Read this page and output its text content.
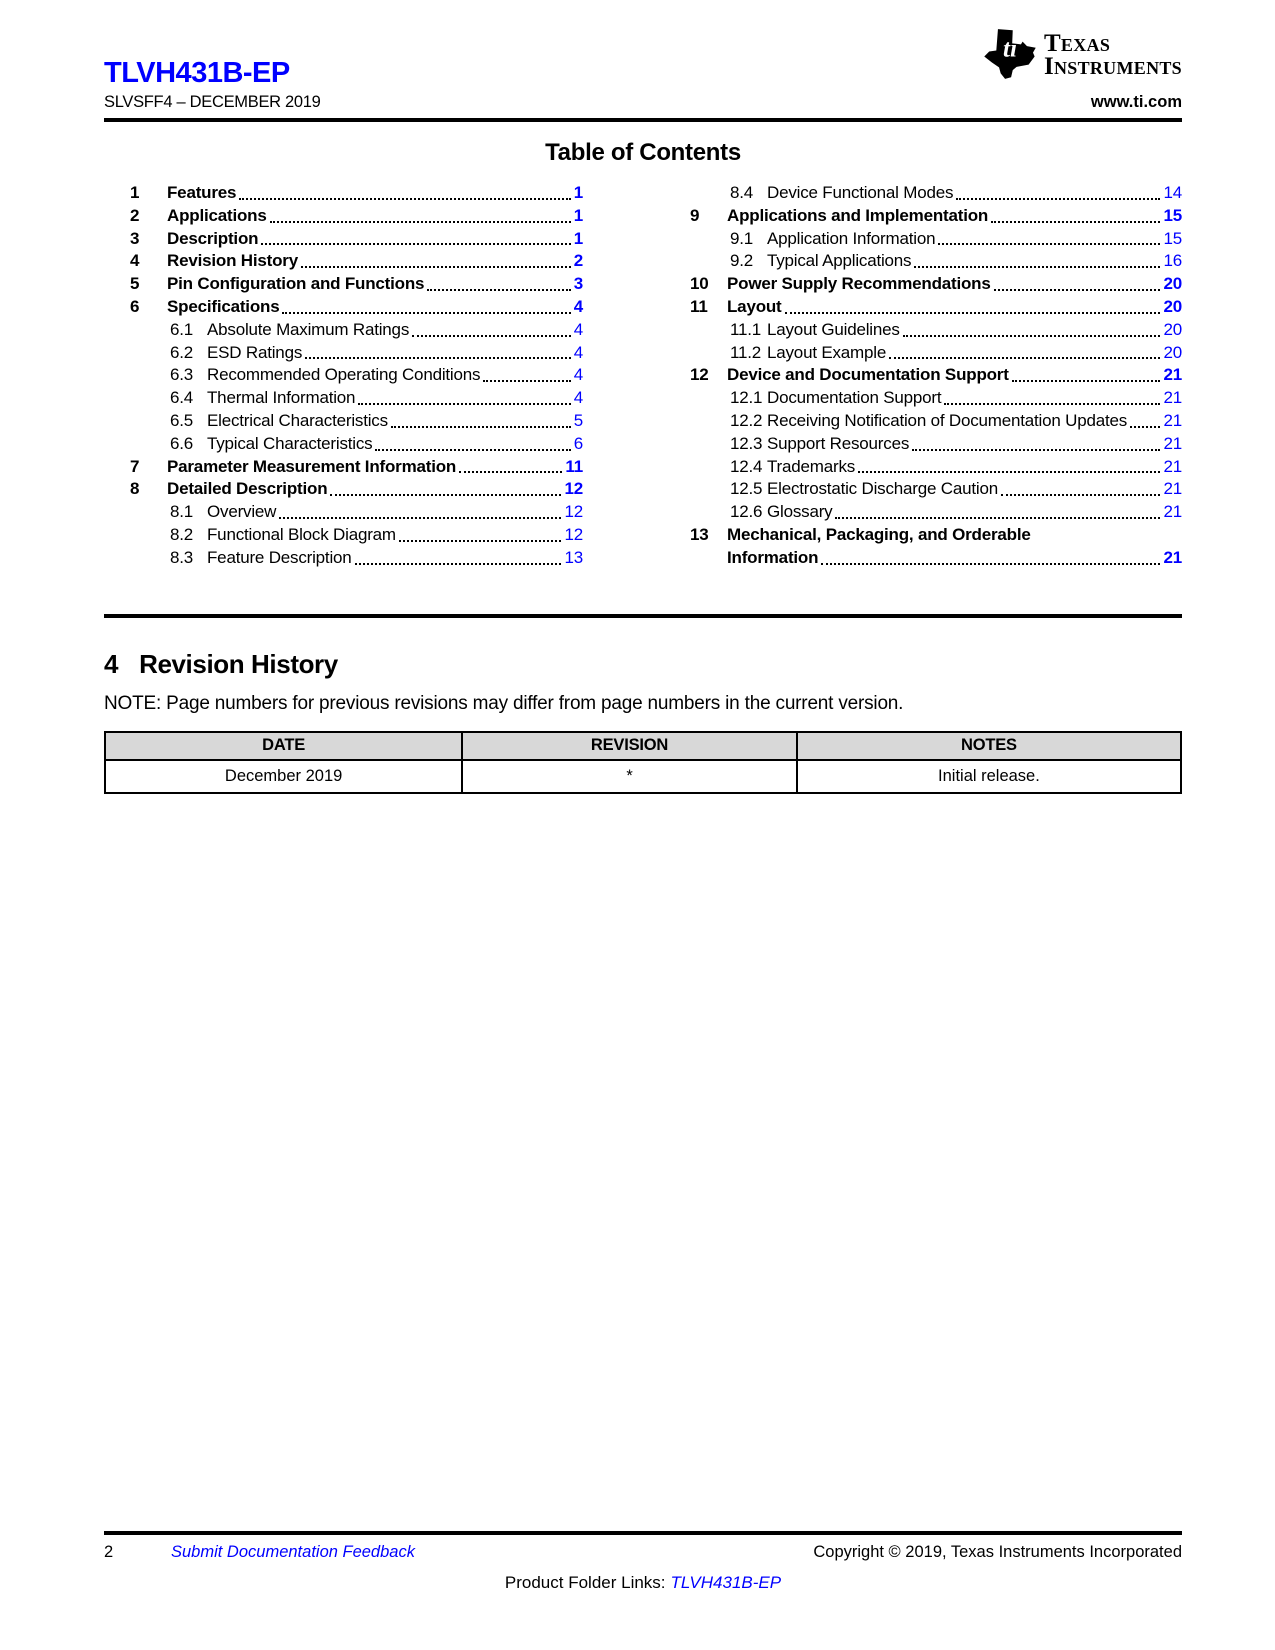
TLVH431B-EP
SLVSFF4 – DECEMBER 2019
ti Texas
Instruments
www.ti.com
Table of Contents
1	Features	1
2	Applications	1
3	Description	1
4	Revision History	2
5	Pin Configuration and Functions	3
6	Specifications	4
6.1 Absolute Maximum Ratings	4
6.2 ESD Ratings	4
6.3 Recommended Operating Conditions	4
6.4 Thermal Information	4
6.5 Electrical Characteristics	5
6.6 Typical Characteristics	6
7	Parameter Measurement Information	11
8	Detailed Description	12
8.1 Overview	12
8.2 Functional Block Diagram	12
8.3 Feature Description	13
8.4 Device Functional Modes	14
9	Applications and Implementation	15
9.1 Application Information	15
9.2 Typical Applications	16
10	Power Supply Recommendations	20
11	Layout	20
11.1 Layout Guidelines	20
11.2 Layout Example	20
12	Device and Documentation Support	21
12.1 Documentation Support	21
12.2 Receiving Notification of Documentation Updates 21
12.3 Support Resources	21
12.4 Trademarks	21
12.5 Electrostatic Discharge Caution	21
12.6 Glossary	21
13	Mechanical, Packaging, and Orderable
Information	21
4 Revision History

NOTE: Page numbers for previous revisions may differ from page numbers in the current version.

DATE	REVISION	NOTES
December 2019	*	Initial release.
2	Submit Documentation Feedback	Copyright © 2019, Texas Instruments Incorporated
Product Folder Links: TLVH431B-EP
